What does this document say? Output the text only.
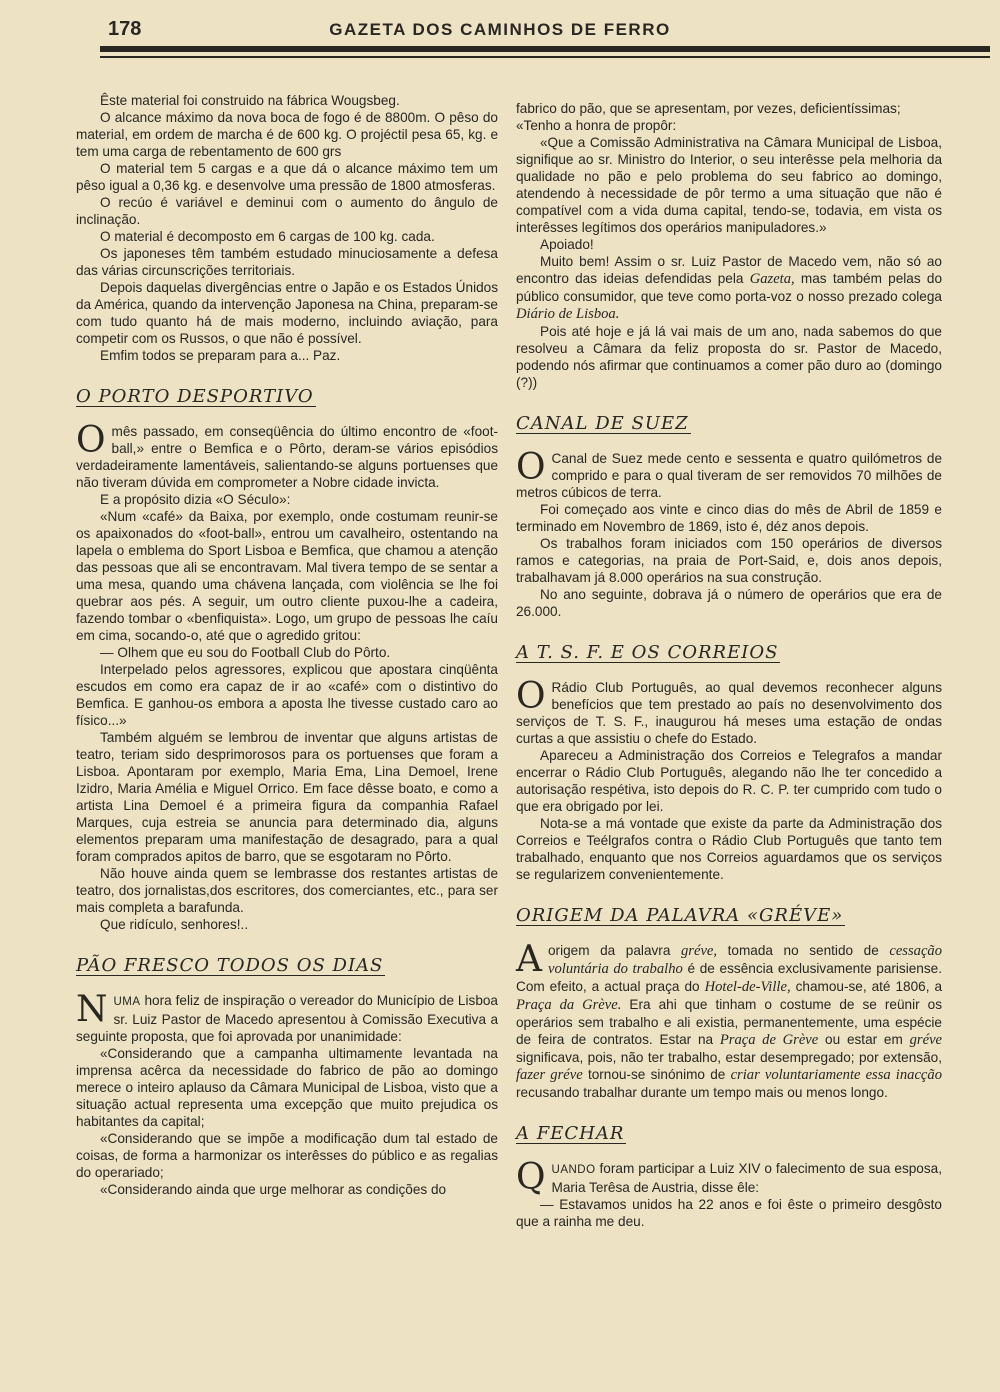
178	GAZETA DOS CAMINHOS DE FERRO

Êste material foi construido na fábrica Wougsbeg.

O alcance máximo da nova boca de fogo é de 8800m. O pêso do material, em ordem de marcha é de 600 kg. O projéctil pesa 65, kg. e tem uma carga de rebentamento de 600 grs

O material tem 5 cargas e a que dá o alcance máximo tem um pêso igual a 0,36 kg. e desenvolve uma pressão de 1800 atmosferas.

O recúo é variável e deminui com o aumento do ângulo de inclinação.

O material é decomposto em 6 cargas de 100 kg. cada.

Os japoneses têm também estudado minuciosamente a defesa das várias circunscrições territoriais.

Depois daquelas divergências entre o Japão e os Estados Únidos da América, quando da intervenção Japonesa na China, preparam-se com tudo quanto há de mais moderno, incluindo aviação, para competir com os Russos, o que não é possível.

Emfim todos se preparam para a... Paz.

O PORTO DESPORTIVO

Omês passado, em conseqüência do último encontro de «foot-ball,» entre o Bemfica e o Pôrto, deram-se vários episódios verdadeiramente lamentáveis, salientando-se alguns portuenses que não tiveram dúvida em comprometer a Nobre cidade invicta.

E a propósito dizia «O Século»:

«Num «café» da Baixa, por exemplo, onde costumam reunir-se os apaixonados do «foot-ball», entrou um cavalheiro, ostentando na lapela o emblema do Sport Lisboa e Bemfica, que chamou a atenção das pessoas que ali se encontravam. Mal tivera tempo de se sentar a uma mesa, quando uma chávena lançada, com violência se lhe foi quebrar aos pés. A seguir, um outro cliente puxou-lhe a cadeira, fazendo tombar o «benfiquista». Logo, um grupo de pessoas lhe caíu em cima, socando-o, até que o agredido gritou:

— Olhem que eu sou do Football Club do Pôrto.

Interpelado pelos agressores, explicou que apostara cinqüênta escudos em como era capaz de ir ao «café» com o distintivo do Bemfica. E ganhou-os embora a aposta lhe tivesse custado caro ao físico...»

Também alguém se lembrou de inventar que alguns artistas de teatro, teriam sido desprimorosos para os portuenses que foram a Lisboa. Apontaram por exemplo, Maria Ema, Lina Demoel, Irene Izidro, Maria Amélia e Miguel Orrico. Em face dêsse boato, e como a artista Lina Demoel é a primeira figura da companhia Rafael Marques, cuja estreia se anuncia para determinado dia, alguns elementos preparam uma manifestação de desagrado, para a qual foram comprados apitos de barro, que se esgotaram no Pôrto.

Não houve ainda quem se lembrasse dos restantes artistas de teatro, dos jornalistas,dos escritores, dos comerciantes, etc., para ser mais completa a barafunda.

Que ridículo, senhores!..

PÃO FRESCO TODOS OS DIAS

NUMA hora feliz de inspiração o vereador do Município de Lisboa sr. Luiz Pastor de Macedo apresentou à Comissão Executiva a seguinte proposta, que foi aprovada por unanimidade:

«Considerando que a campanha ultimamente levantada na imprensa acêrca da necessidade do fabrico de pão ao domingo merece o inteiro aplauso da Câmara Municipal de Lisboa, visto que a situação actual representa uma excepção que muito prejudica os habitantes da capital;

«Considerando que se impõe a modificação dum tal estado de coisas, de forma a harmonizar os interêsses do público e as regalias do operariado;

«Considerando ainda que urge melhorar as condições do

fabrico do pão, que se apresentam, por vezes, deficientíssimas;

«Tenho a honra de propôr:

«Que a Comissão Administrativa na Câmara Municipal de Lisboa, signifique ao sr. Ministro do Interior, o seu interêsse pela melhoria da qualidade no pão e pelo problema do seu fabrico ao domingo, atendendo à necessidade de pôr termo a uma situação que não é compatível com a vida duma capital, tendo-se, todavia, em vista os interêsses legítimos dos operários manipuladores.»

Apoiado!

Muito bem! Assim o sr. Luiz Pastor de Macedo vem, não só ao encontro das ideias defendidas pela Gazeta, mas também pelas do público consumidor, que teve como porta-voz o nosso prezado colega Diário de Lisboa.

Pois até hoje e já lá vai mais de um ano, nada sabemos do que resolveu a Câmara da feliz proposta do sr. Pastor de Macedo, podendo nós afirmar que continuamos a comer pão duro ao (domingo (?))

CANAL DE SUEZ

O Canal de Suez mede cento e sessenta e quatro quilómetros de comprido e para o qual tiveram de ser removidos 70 milhões de metros cúbicos de terra.

Foi começado aos vinte e cinco dias do mês de Abril de 1859 e terminado em Novembro de 1869, isto é, déz anos depois.

Os trabalhos foram iniciados com 150 operários de diversos ramos e categorias, na praia de Port-Said, e, dois anos depois, trabalhavam já 8.000 operários na sua construção.

No ano seguinte, dobrava já o número de operários que era de 26.000.

A T. S. F. E OS CORREIOS

O Rádio Club Português, ao qual devemos reconhecer alguns benefícios que tem prestado ao país no desenvolvimento dos serviços de T. S. F., inaugurou há meses uma estação de ondas curtas a que assistiu o chefe do Estado.

Apareceu a Administração dos Correios e Telegrafos a mandar encerrar o Rádio Club Português, alegando não lhe ter concedido a autorisação respétiva, isto depois do R. C. P. ter cumprido com tudo o que era obrigado por lei.

Nota-se a má vontade que existe da parte da Administração dos Correios e Teélgrafos contra o Rádio Club Português que tanto tem trabalhado, enquanto que nos Correios aguardamos que os serviços se regularizem convenientemente.

ORIGEM DA PALAVRA «GRÉVE»

Aorigem da palavra gréve, tomada no sentido de cessação voluntária do trabalho é de essência exclusivamente parisiense. Com efeito, a actual praça do Hotel-de-Ville, chamou-se, até 1806, a Praça da Grève. Era ahi que tinham o costume de se reünir os operários sem trabalho e ali existia, permanentemente, uma espécie de feira de contratos. Estar na Praça de Grève ou estar em gréve significava, pois, não ter trabalho, estar desempregado; por extensão, fazer gréve tornou-se sinónimo de criar voluntariamente essa inacção recusando trabalhar durante um tempo mais ou menos longo.

A FECHAR

QUANDO foram participar a Luiz XIV o falecimento de sua esposa, Maria Terêsa de Austria, disse êle:

— Estavamos unidos ha 22 anos e foi êste o primeiro desgôsto que a rainha me deu.
